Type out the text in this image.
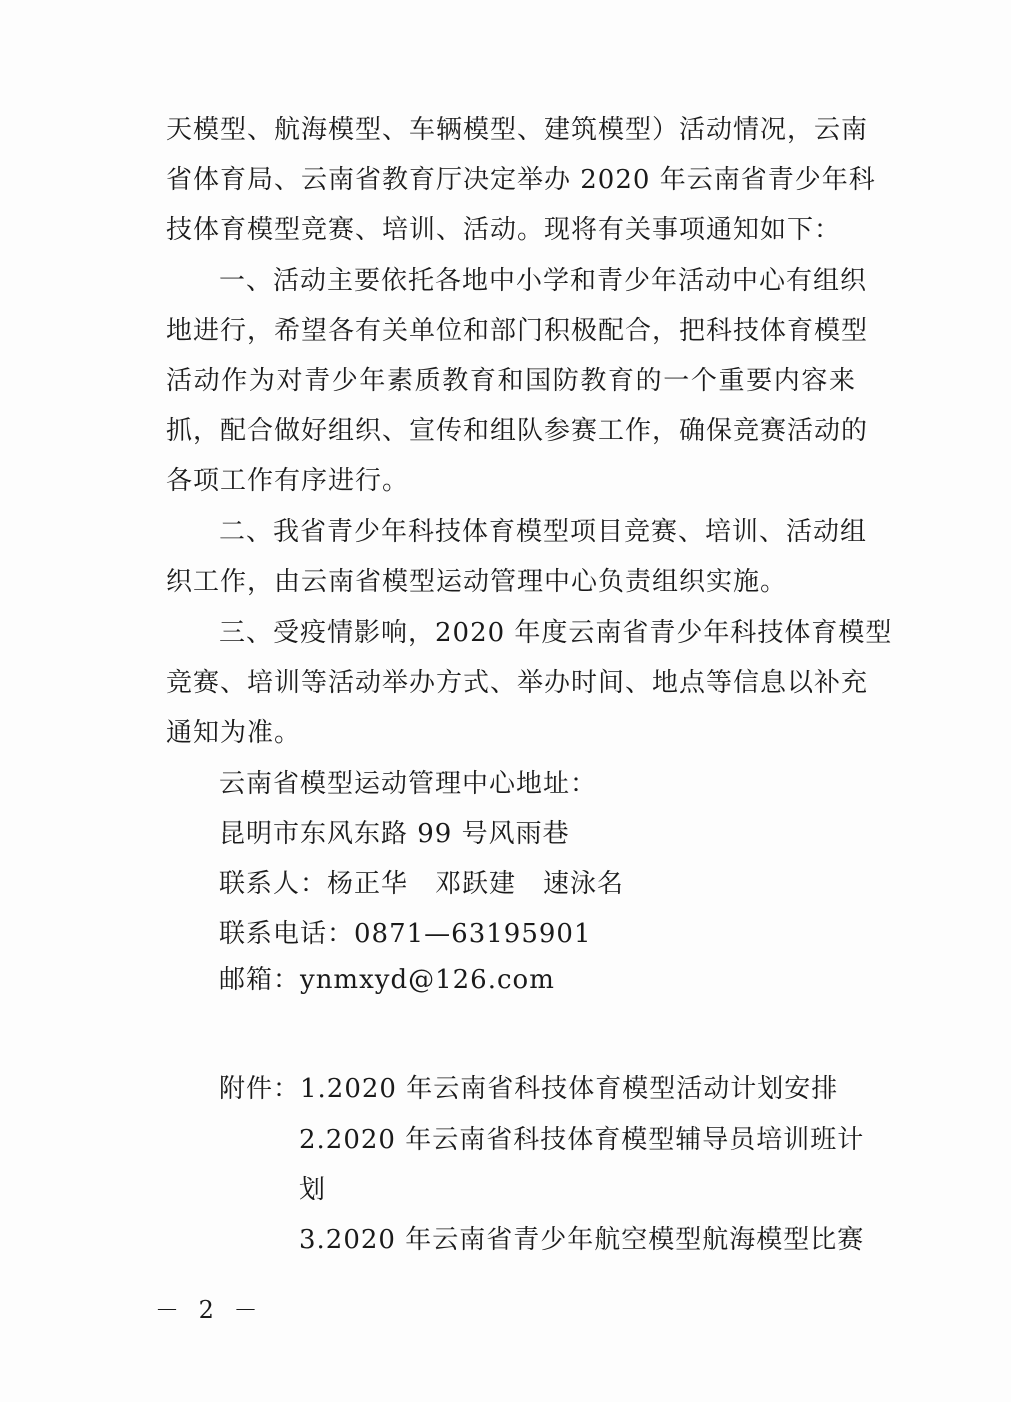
天模型、航海模型、车辆模型、建筑模型）活动情况，云南
省体育局、云南省教育厅决定举办 2020 年云南省青少年科
技体育模型竞赛、培训、活动。现将有关事项通知如下：
一、活动主要依托各地中小学和青少年活动中心有组织
地进行，希望各有关单位和部门积极配合，把科技体育模型
活动作为对青少年素质教育和国防教育的一个重要内容来
抓，配合做好组织、宣传和组队参赛工作，确保竞赛活动的
各项工作有序进行。
二、我省青少年科技体育模型项目竞赛、培训、活动组
织工作，由云南省模型运动管理中心负责组织实施。
三、受疫情影响，2020 年度云南省青少年科技体育模型
竞赛、培训等活动举办方式、举办时间、地点等信息以补充
通知为准。
云南省模型运动管理中心地址：
昆明市东风东路 99 号风雨巷
联系人：杨正华　邓跃建　速泳名
联系电话：0871—63195901
邮箱：ynmxyd@126.com
附件：1.2020 年云南省科技体育模型活动计划安排
2.2020 年云南省科技体育模型辅导员培训班计
划
3.2020 年云南省青少年航空模型航海模型比赛
－ 2 －
